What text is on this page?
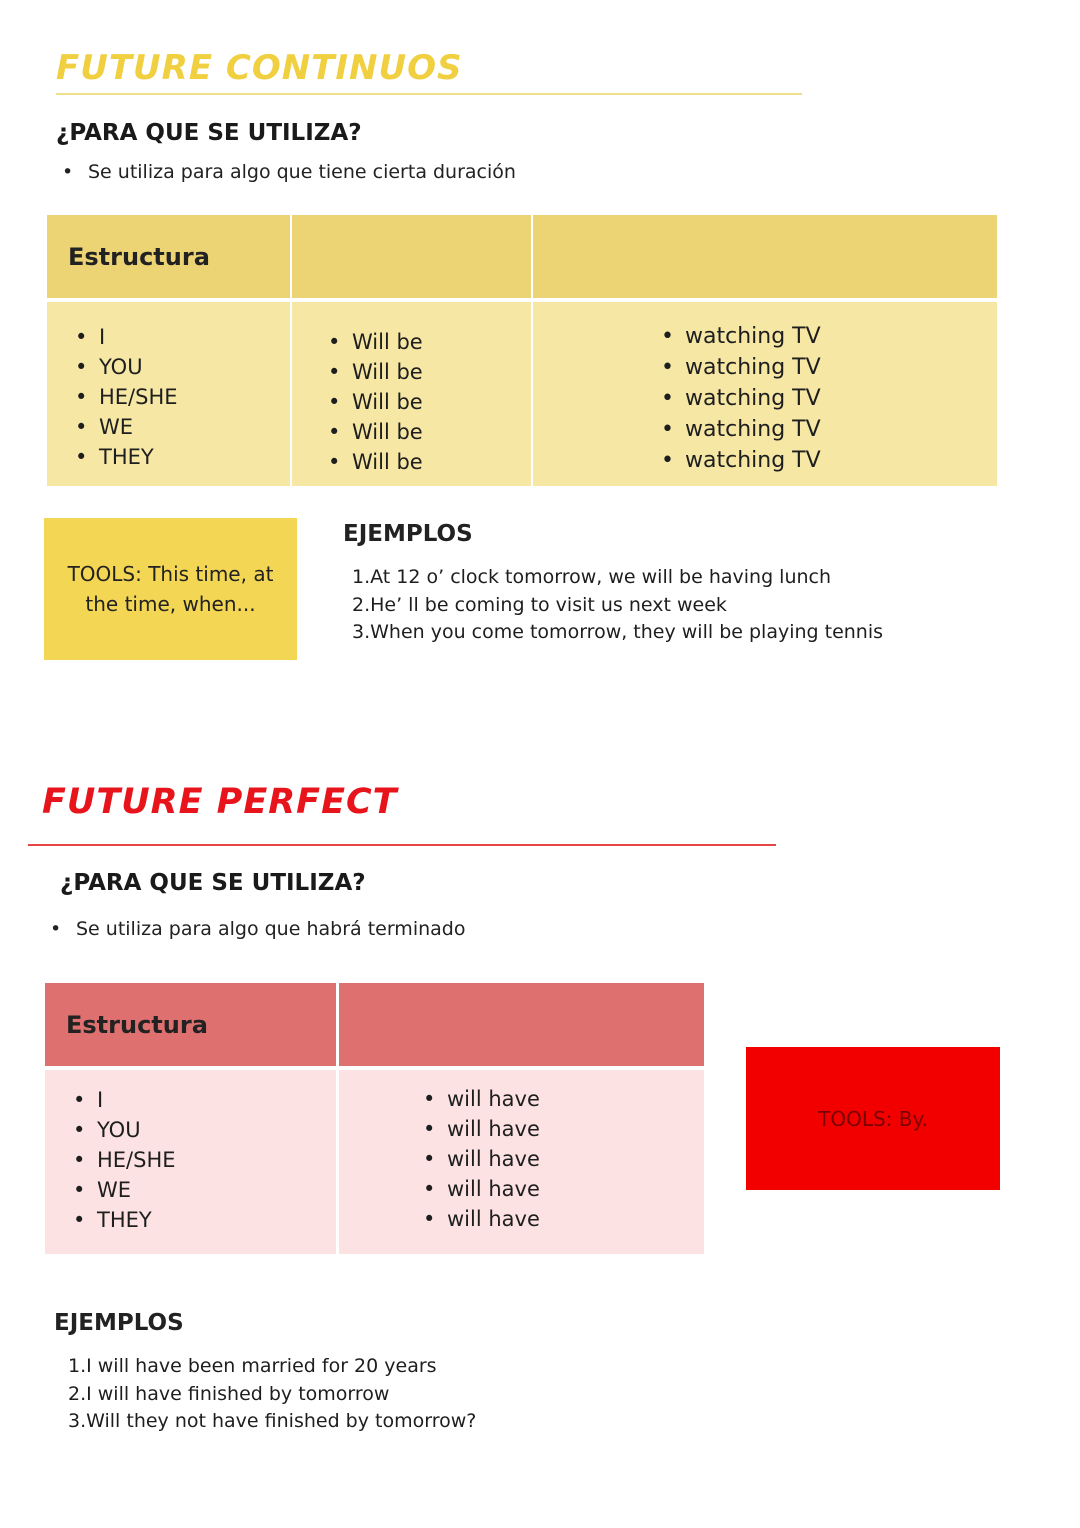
FUTURE CONTINUOS
¿PARA QUE SE UTILIZA?
• Se utiliza para algo que tiene cierta duración
Estructura
• I
• YOU
• HE/SHE
• WE
• THEY
• Will be
• Will be
• Will be
• Will be
• Will be
• watching TV
• watching TV
• watching TV
• watching TV
• watching TV
TOOLS: This time, at the time, when...
EJEMPLOS
1.At 12 o’ clock tomorrow, we will be having lunch
2.He’ ll be coming to visit us next week
3.When you come tomorrow, they will be playing tennis
FUTURE PERFECT
¿PARA QUE SE UTILIZA?
• Se utiliza para algo que habrá terminado
Estructura
• I
• YOU
• HE/SHE
• WE
• THEY
• will have
• will have
• will have
• will have
• will have
TOOLS: By.
EJEMPLOS
1.I will have been married for 20 years
2.I will have finished by tomorrow
3.Will they not have finished by tomorrow?
